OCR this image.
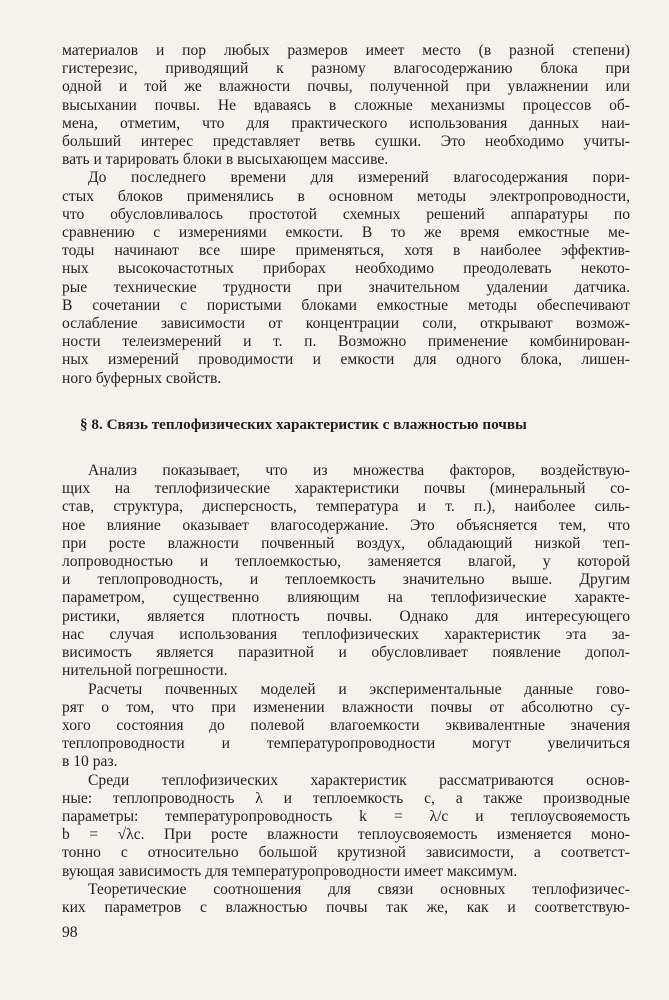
материалов и пор любых размеров имеет место (в разной степени)
гистерезис, приводящий к разному влагосодержанию блока при
одной и той же влажности почвы, полученной при увлажнении или
высыхании почвы. Не вдаваясь в сложные механизмы процессов об-
мена, отметим, что для практического использования данных наи-
больший интерес представляет ветвь сушки. Это необходимо учиты-
вать и тарировать блоки в высыхающем массиве.
До последнего времени для измерений влагосодержания пори-
стых блоков применялись в основном методы электропроводности,
что обусловливалось простотой схемных решений аппаратуры по
сравнению с измерениями емкости. В то же время емкостные ме-
тоды начинают все шире применяться, хотя в наиболее эффектив-
ных высокочастотных приборах необходимо преодолевать некото-
рые технические трудности при значительном удалении датчика.
В сочетании с пористыми блоками емкостные методы обеспечивают
ослабление зависимости от концентрации соли, открывают возмож-
ности телеизмерений и т. п. Возможно применение комбинирован-
ных измерений проводимости и емкости для одного блока, лишен-
ного буферных свойств.
§ 8. Связь теплофизических характеристик с влажностью почвы
Анализ показывает, что из множества факторов, воздействую-
щих на теплофизические характеристики почвы (минеральный со-
став, структура, дисперсность, температура и т. п.), наиболее силь-
ное влияние оказывает влагосодержание. Это объясняется тем, что
при росте влажности почвенный воздух, обладающий низкой теп-
лопроводностью и теплоемкостью, заменяется влагой, у которой
и теплопроводность, и теплоемкость значительно выше. Другим
параметром, существенно влияющим на теплофизические характе-
ристики, является плотность почвы. Однако для интересующего
нас случая использования теплофизических характеристик эта за-
висимость является паразитной и обусловливает появление допол-
нительной погрешности.
Расчеты почвенных моделей и экспериментальные данные гово-
рят о том, что при изменении влажности почвы от абсолютно су-
хого состояния до полевой влагоемкости эквивалентные значения
теплопроводности и температуропроводности могут увеличиться
в 10 раз.
Среди теплофизических характеристик рассматриваются основ-
ные: теплопроводность λ и теплоемкость c, а также производные
параметры: температуропроводность k = λ/c и теплоусвояемость
b = √λc. При росте влажности теплоусвояемость изменяется моно-
тонно с относительно большой крутизной зависимости, а соответст-
вующая зависимость для температуропроводности имеет максимум.
Теоретические соотношения для связи основных теплофизичес-
ких параметров с влажностью почвы так же, как и соответствую-
98
